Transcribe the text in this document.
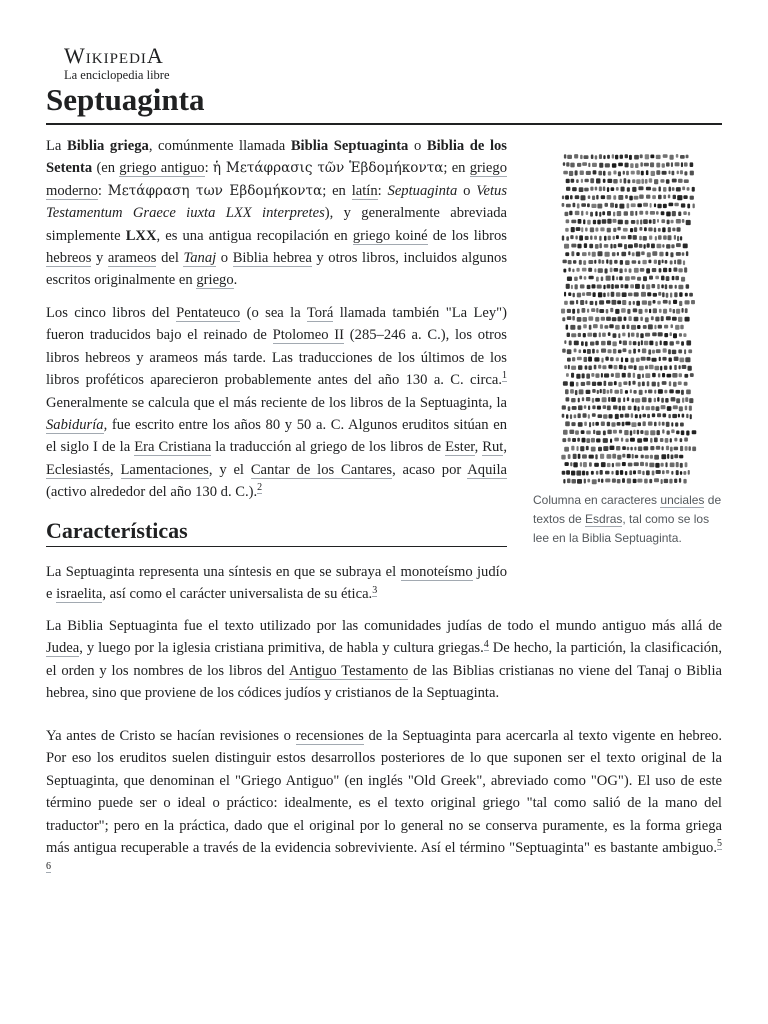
WikipediA
La enciclopedia libre
Septuaginta

La Biblia griega, comúnmente llamada Biblia Septuaginta o Biblia de los Setenta (en griego antiguo: ἡ Μετάφρασις τῶν Ἑβδομήκοντα; en griego moderno: Μετάφραση των Εβδομήκοντα; en latín: Septuaginta o Vetus Testamentum Graece iuxta LXX interpretes), y generalmente abreviada simplemente LXX, es una antigua recopilación en griego koiné de los libros hebreos y arameos del Tanaj o Biblia hebrea y otros libros, incluidos algunos escritos originalmente en griego.

Los cinco libros del Pentateuco (o sea la Torá llamada también "La Ley") fueron traducidos bajo el reinado de Ptolomeo II (285–246 a. C.), los otros libros hebreos y arameos más tarde. Las traducciones de los últimos de los libros proféticos aparecieron probablemente antes del año 130 a. C. circa.$^1$ Generalmente se calcula que el más reciente de los libros de la Septuaginta, la Sabiduría, fue escrito entre los años 80 y 50 a. C. Algunos eruditos sitúan en el siglo I de la Era Cristiana la traducción al griego de los libros de Ester, Rut, Eclesiastés, Lamentaciones, y el Cantar de los Cantares, acaso por Aquila (activo alrededor del año 130 d. C.).$^2$

Características

La Septuaginta representa una síntesis en que se subraya el monoteísmo judío e israelita, así como el carácter universalista de su ética.$^3$

La Biblia Septuaginta fue el texto utilizado por las comunidades judías de todo el mundo antiguo más allá de Judea, y luego por la iglesia cristiana primitiva, de habla y cultura griegas.$^4$ De hecho, la partición, la clasificación, el orden y los nombres de los libros del Antiguo Testamento de las Biblias cristianas no viene del Tanaj o Biblia hebrea, sino que proviene de los códices judíos y cristianos de la Septuaginta.

Ya antes de Cristo se hacían revisiones o recensiones de la Septuaginta para acercarla al texto vigente en hebreo. Por eso los eruditos suelen distinguir estos desarrollos posteriores de lo que suponen ser el texto original de la Septuaginta, que denominan el "Griego Antiguo" (en inglés "Old Greek", abreviado como "OG"). El uso de este término puede ser o ideal o práctico: idealmente, es el texto original griego "tal como salió de la mano del traductor"; pero en la práctica, dado que el original por lo general no se conserva puramente, es la forma griega más antigua recuperable a través de la evidencia sobreviviente. Así el término "Septuaginta" es bastante ambiguo.$^{5 6}$

Columna en caracteres unciales de textos de Esdras, tal como se los lee en la Biblia Septuaginta.
